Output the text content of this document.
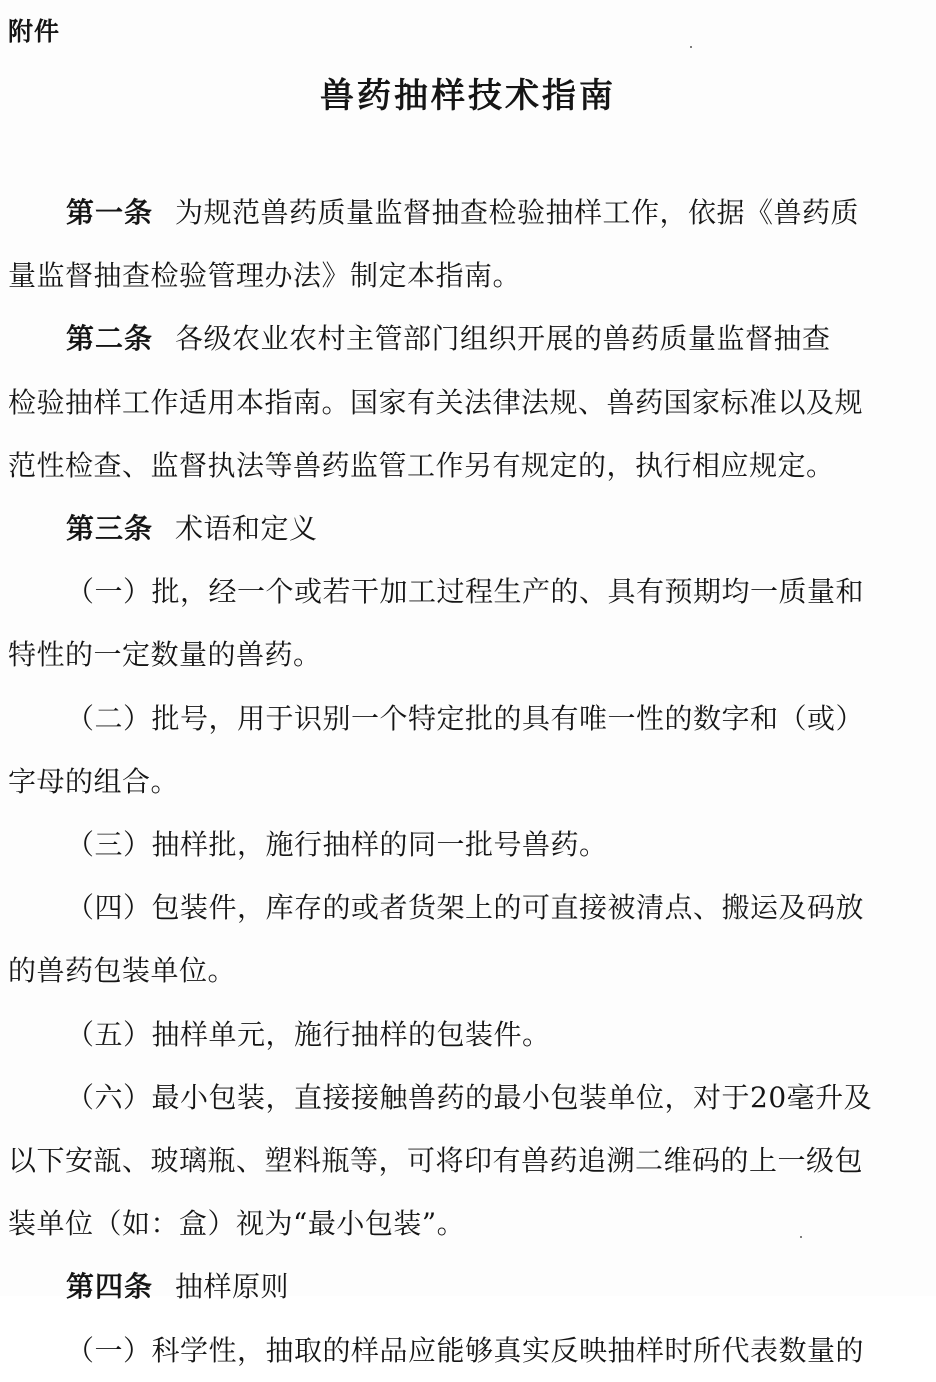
附件

兽药抽样技术指南

第一条 为规范兽药质量监督抽查检验抽样工作，依据《兽药质

量监督抽查检验管理办法》制定本指南。

第二条 各级农业农村主管部门组织开展的兽药质量监督抽查

检验抽样工作适用本指南。国家有关法律法规、兽药国家标准以及规

范性检查、监督执法等兽药监管工作另有规定的，执行相应规定。

第三条 术语和定义

（一）批，经一个或若干加工过程生产的、具有预期均一质量和

特性的一定数量的兽药。

（二）批号，用于识别一个特定批的具有唯一性的数字和（或）

字母的组合。

（三）抽样批，施行抽样的同一批号兽药。

（四）包装件，库存的或者货架上的可直接被清点、搬运及码放

的兽药包装单位。

（五）抽样单元，施行抽样的包装件。

（六）最小包装，直接接触兽药的最小包装单位，对于20毫升及

以下安瓿、玻璃瓶、塑料瓶等，可将印有兽药追溯二维码的上一级包

装单位（如：盒）视为“最小包装”。

第四条 抽样原则

（一）科学性，抽取的样品应能够真实反映抽样时所代表数量的
